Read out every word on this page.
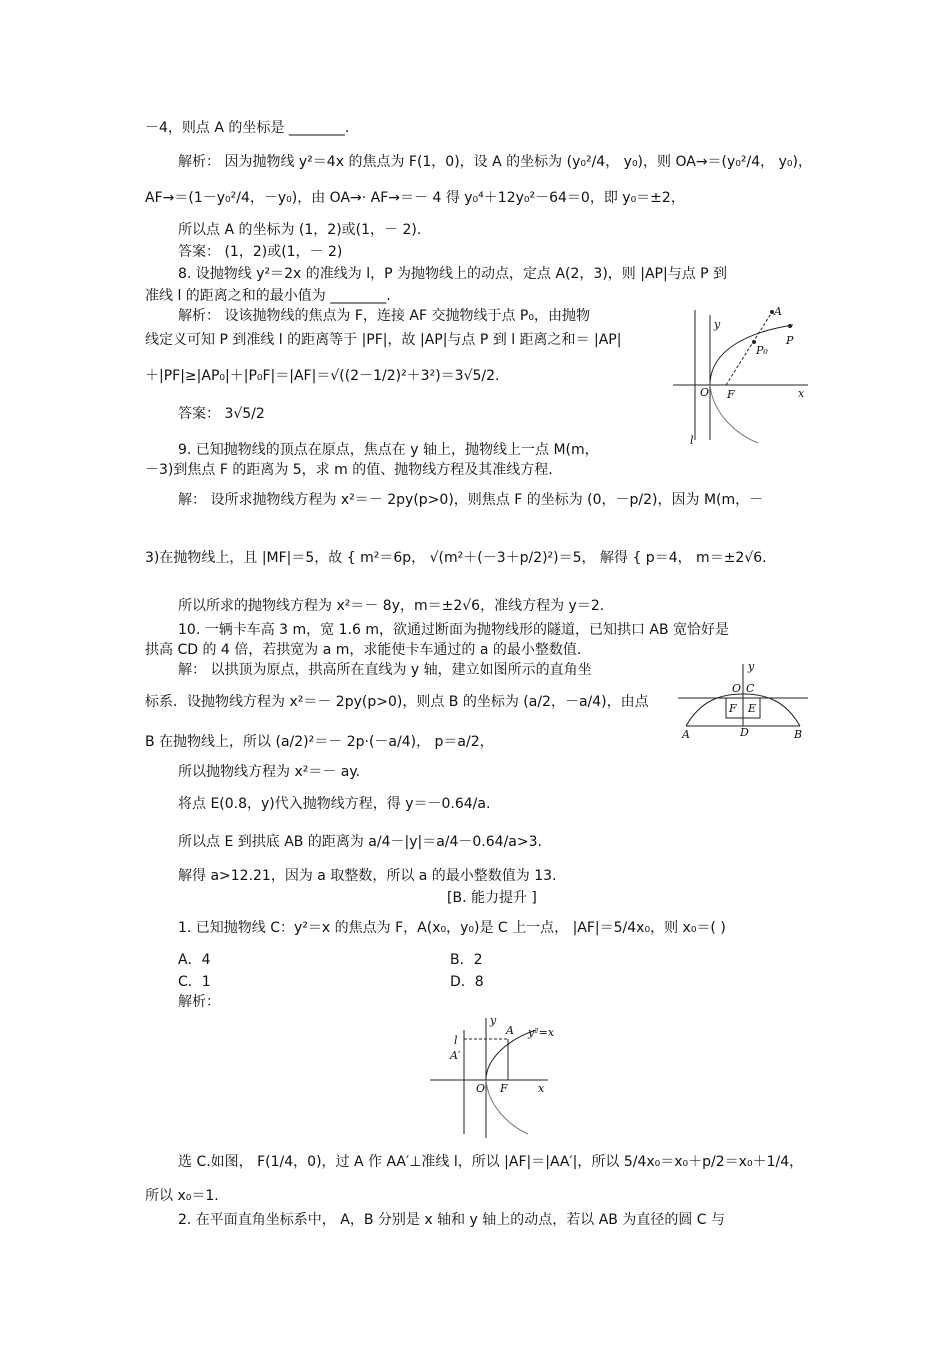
－4，则点 A 的坐标是 ________.
解析： 因为抛物线 y²＝4x 的焦点为 F(1，0)，设 A 的坐标为 (y₀²/4， y₀)，则 OA→＝(y₀²/4， y₀)，
AF→＝(1－y₀²/4，－y₀)，由 OA→· AF→＝－ 4 得 y₀⁴＋12y₀²－64＝0，即 y₀＝±2，
所以点 A 的坐标为 (1，2)或(1，－ 2).
答案： (1，2)或(1，－ 2)
8. 设抛物线 y²＝2x 的准线为 l，P 为抛物线上的动点，定点 A(2，3)，则 |AP|与点 P 到
准线 l 的距离之和的最小值为 ________.
解析： 设该抛物线的焦点为 F，连接 AF 交抛物线于点 P₀，由抛物
线定义可知 P 到准线 l 的距离等于 |PF|，故 |AP|与点 P 到 l 距离之和＝ |AP|
＋|PF|≥|AP₀|＋|P₀F|＝|AF|＝√((2－1/2)²＋3²)＝3√5/2.
答案： 3√5/2
9. 已知抛物线的顶点在原点，焦点在 y 轴上，抛物线上一点 M(m，
－3)到焦点 F 的距离为 5，求 m 的值、抛物线方程及其准线方程.
解： 设所求抛物线方程为 x²＝－ 2py(p>0)，则焦点 F 的坐标为 (0，－p/2)，因为 M(m，－
3)在抛物线上，且 |MF|＝5，故 { m²＝6p， √(m²＋(－3＋p/2)²)＝5， 解得 { p＝4， m＝±2√6.
所以所求的抛物线方程为 x²＝－ 8y，m＝±2√6，准线方程为 y＝2.
10. 一辆卡车高 3 m，宽 1.6 m，欲通过断面为抛物线形的隧道，已知拱口 AB 宽恰好是
拱高 CD 的 4 倍，若拱宽为 a m，求能使卡车通过的 a 的最小整数值.
解： 以拱顶为原点，拱高所在直线为 y 轴，建立如图所示的直角坐
标系．设抛物线方程为 x²＝－ 2py(p>0)，则点 B 的坐标为 (a/2，－a/4)，由点
B 在抛物线上，所以 (a/2)²＝－ 2p·(－a/4)， p＝a/2，
所以抛物线方程为 x²＝－ ay.
将点 E(0.8，y)代入抛物线方程，得 y＝－0.64/a.
所以点 E 到拱底 AB 的距离为 a/4－|y|＝a/4－0.64/a>3.
解得 a>12.21，因为 a 取整数，所以 a 的最小整数值为 13.
[B. 能力提升 ]
1. 已知抛物线 C：y²＝x 的焦点为 F，A(x₀，y₀)是 C 上一点， |AF|＝5/4x₀，则 x₀＝( )
A．4	B．2
C．1	D．8
解析：
选 C.如图， F(1/4，0)，过 A 作 AA′⊥准线 l，所以 |AF|＝|AA′|，所以 5/4x₀＝x₀＋p/2＝x₀＋1/4，
所以 x₀＝1.
2. 在平面直角坐标系中， A，B 分别是 x 轴和 y 轴上的动点，若以 AB 为直径的圆 C 与
y
A
P₀
P
O F	x
l
y
O C
F E
A	D	B
l
y
y²=x
A′
A
O F	x
